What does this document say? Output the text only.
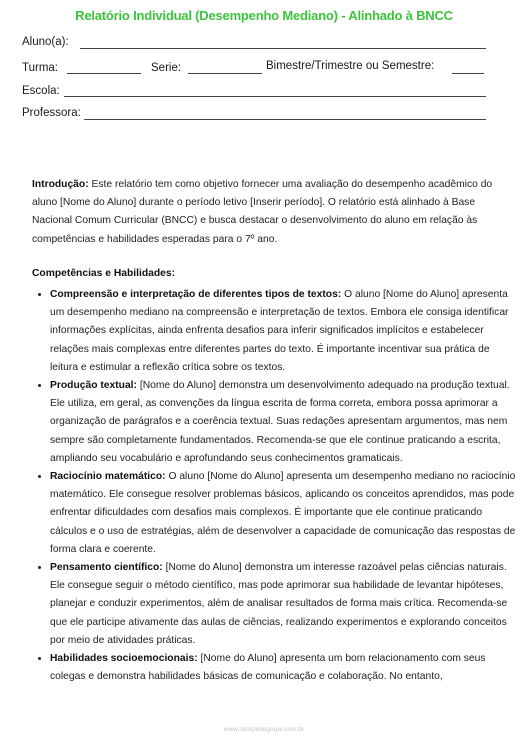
Relatório Individual (Desempenho Mediano) - Alinhado à BNCC
Aluno(a):
Turma:	Serie:	Bimestre/Trimestre ou Semestre:
Escola:
Professora:
Introdução: Este relatório tem como objetivo fornecer uma avaliação do desempenho acadêmico do aluno [Nome do Aluno] durante o período letivo [Inserir período]. O relatório está alinhado à Base Nacional Comum Curricular (BNCC) e busca destacar o desenvolvimento do aluno em relação às competências e habilidades esperadas para o 7º ano.
Competências e Habilidades:
• Compreensão e interpretação de diferentes tipos de textos: O aluno [Nome do Aluno] apresenta um desempenho mediano na compreensão e interpretação de textos. Embora ele consiga identificar informações explícitas, ainda enfrenta desafios para inferir significados implícitos e estabelecer relações mais complexas entre diferentes partes do texto. É importante incentivar sua prática de leitura e estimular a reflexão crítica sobre os textos.
• Produção textual: [Nome do Aluno] demonstra um desenvolvimento adequado na produção textual. Ele utiliza, em geral, as convenções da língua escrita de forma correta, embora possa aprimorar a organização de parágrafos e a coerência textual. Suas redações apresentam argumentos, mas nem sempre são completamente fundamentados. Recomenda-se que ele continue praticando a escrita, ampliando seu vocabulário e aprofundando seus conhecimentos gramaticais.
• Raciocínio matemático: O aluno [Nome do Aluno] apresenta um desempenho mediano no raciocínio matemático. Ele consegue resolver problemas básicos, aplicando os conceitos aprendidos, mas pode enfrentar dificuldades com desafios mais complexos. É importante que ele continue praticando cálculos e o uso de estratégias, além de desenvolver a capacidade de comunicação das respostas de forma clara e coerente.
• Pensamento científico: [Nome do Aluno] demonstra um interesse razoável pelas ciências naturais. Ele consegue seguir o método científico, mas pode aprimorar sua habilidade de levantar hipóteses, planejar e conduzir experimentos, além de analisar resultados de forma mais crítica. Recomenda-se que ele participe ativamente das aulas de ciências, realizando experimentos e explorando conceitos por meio de atividades práticas.
• Habilidades socioemocionais: [Nome do Aluno] apresenta um bom relacionamento com seus colegas e demonstra habilidades básicas de comunicação e colaboração. No entanto,
www.clickpedagogia.com.br
